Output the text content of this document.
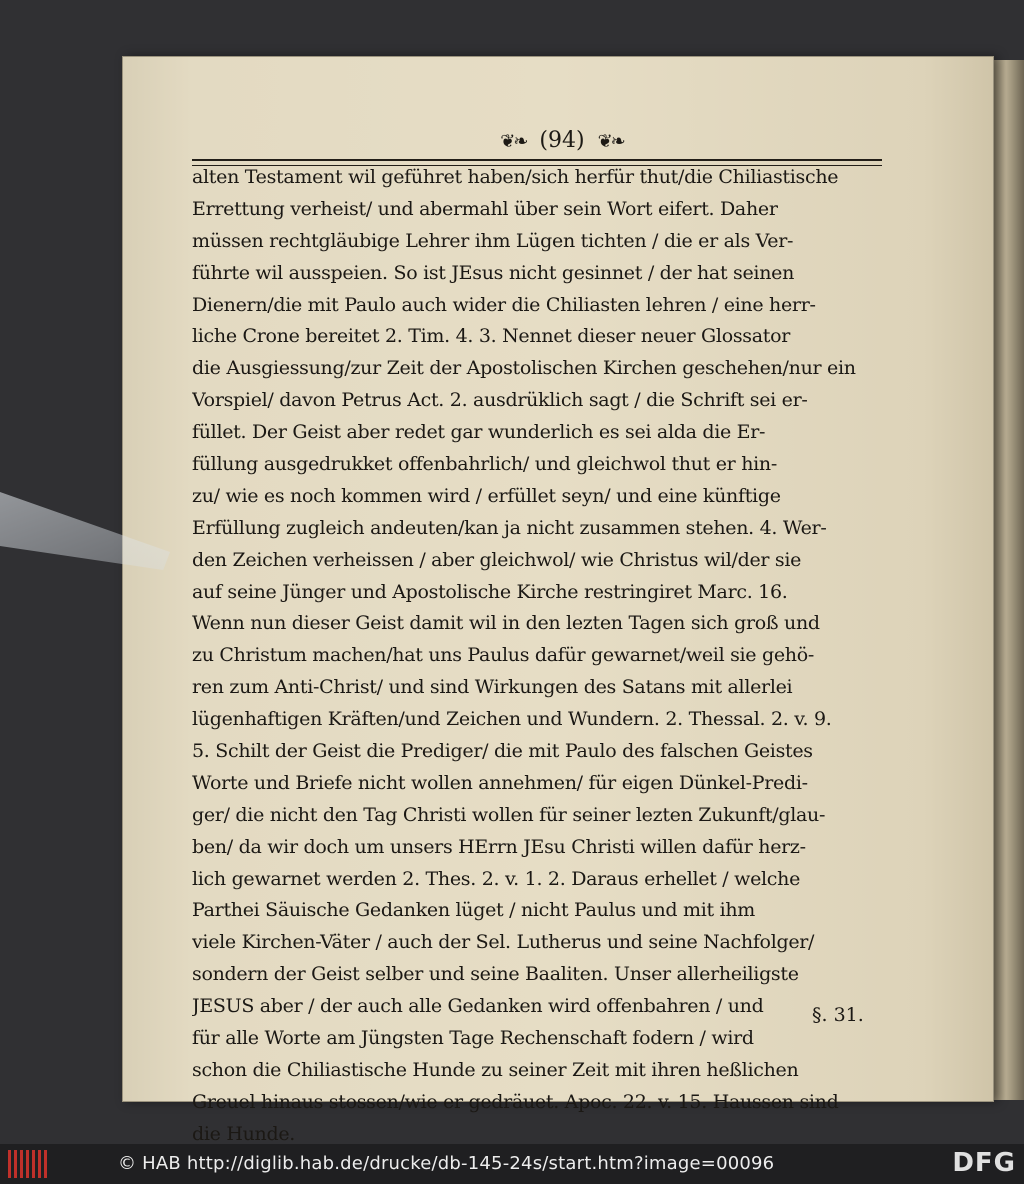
❦❧ (94) ❦❧
alten Testament wil geführet haben/sich herfür thut/die Chiliastische
Errettung verheist/ und abermahl über sein Wort eifert. Daher
müssen rechtgläubige Lehrer ihm Lügen tichten / die er als Ver-
führte wil ausspeien. So ist JEsus nicht gesinnet / der hat seinen
Dienern/die mit Paulo auch wider die Chiliasten lehren / eine herr-
liche Crone bereitet 2. Tim. 4. 3. Nennet dieser neuer Glossator
die Ausgiessung/zur Zeit der Apostolischen Kirchen geschehen/nur ein
Vorspiel/ davon Petrus Act. 2. ausdrüklich sagt / die Schrift sei er-
füllet. Der Geist aber redet gar wunderlich es sei alda die Er-
füllung ausgedrukket offenbahrlich/ und gleichwol thut er hin-
zu/ wie es noch kommen wird / erfüllet seyn/ und eine künftige
Erfüllung zugleich andeuten/kan ja nicht zusammen stehen. 4. Wer-
den Zeichen verheissen / aber gleichwol/ wie Christus wil/der sie
auf seine Jünger und Apostolische Kirche restringiret Marc. 16.
Wenn nun dieser Geist damit wil in den lezten Tagen sich groß und
zu Christum machen/hat uns Paulus dafür gewarnet/weil sie gehö-
ren zum Anti-Christ/ und sind Wirkungen des Satans mit allerlei
lügenhaftigen Kräften/und Zeichen und Wundern. 2. Thessal. 2. v. 9.
5. Schilt der Geist die Prediger/ die mit Paulo des falschen Geistes
Worte und Briefe nicht wollen annehmen/ für eigen Dünkel-Predi-
ger/ die nicht den Tag Christi wollen für seiner lezten Zukunft/glau-
ben/ da wir doch um unsers HErrn JEsu Christi willen dafür herz-
lich gewarnet werden 2. Thes. 2. v. 1. 2. Daraus erhellet / welche
Parthei Säuische Gedanken lüget / nicht Paulus und mit ihm
viele Kirchen-Väter / auch der Sel. Lutherus und seine Nachfolger/
sondern der Geist selber und seine Baaliten. Unser allerheiligste
JESUS aber / der auch alle Gedanken wird offenbahren / und
für alle Worte am Jüngsten Tage Rechenschaft fodern / wird
schon die Chiliastische Hunde zu seiner Zeit mit ihren heßlichen
Greuel hinaus stossen/wie er gedräuet. Apoc. 22. v. 15. Haussen sind
die Hunde.
§. 31.
© HAB http://diglib.hab.de/drucke/db-145-24s/start.htm?image=00096	DFG
